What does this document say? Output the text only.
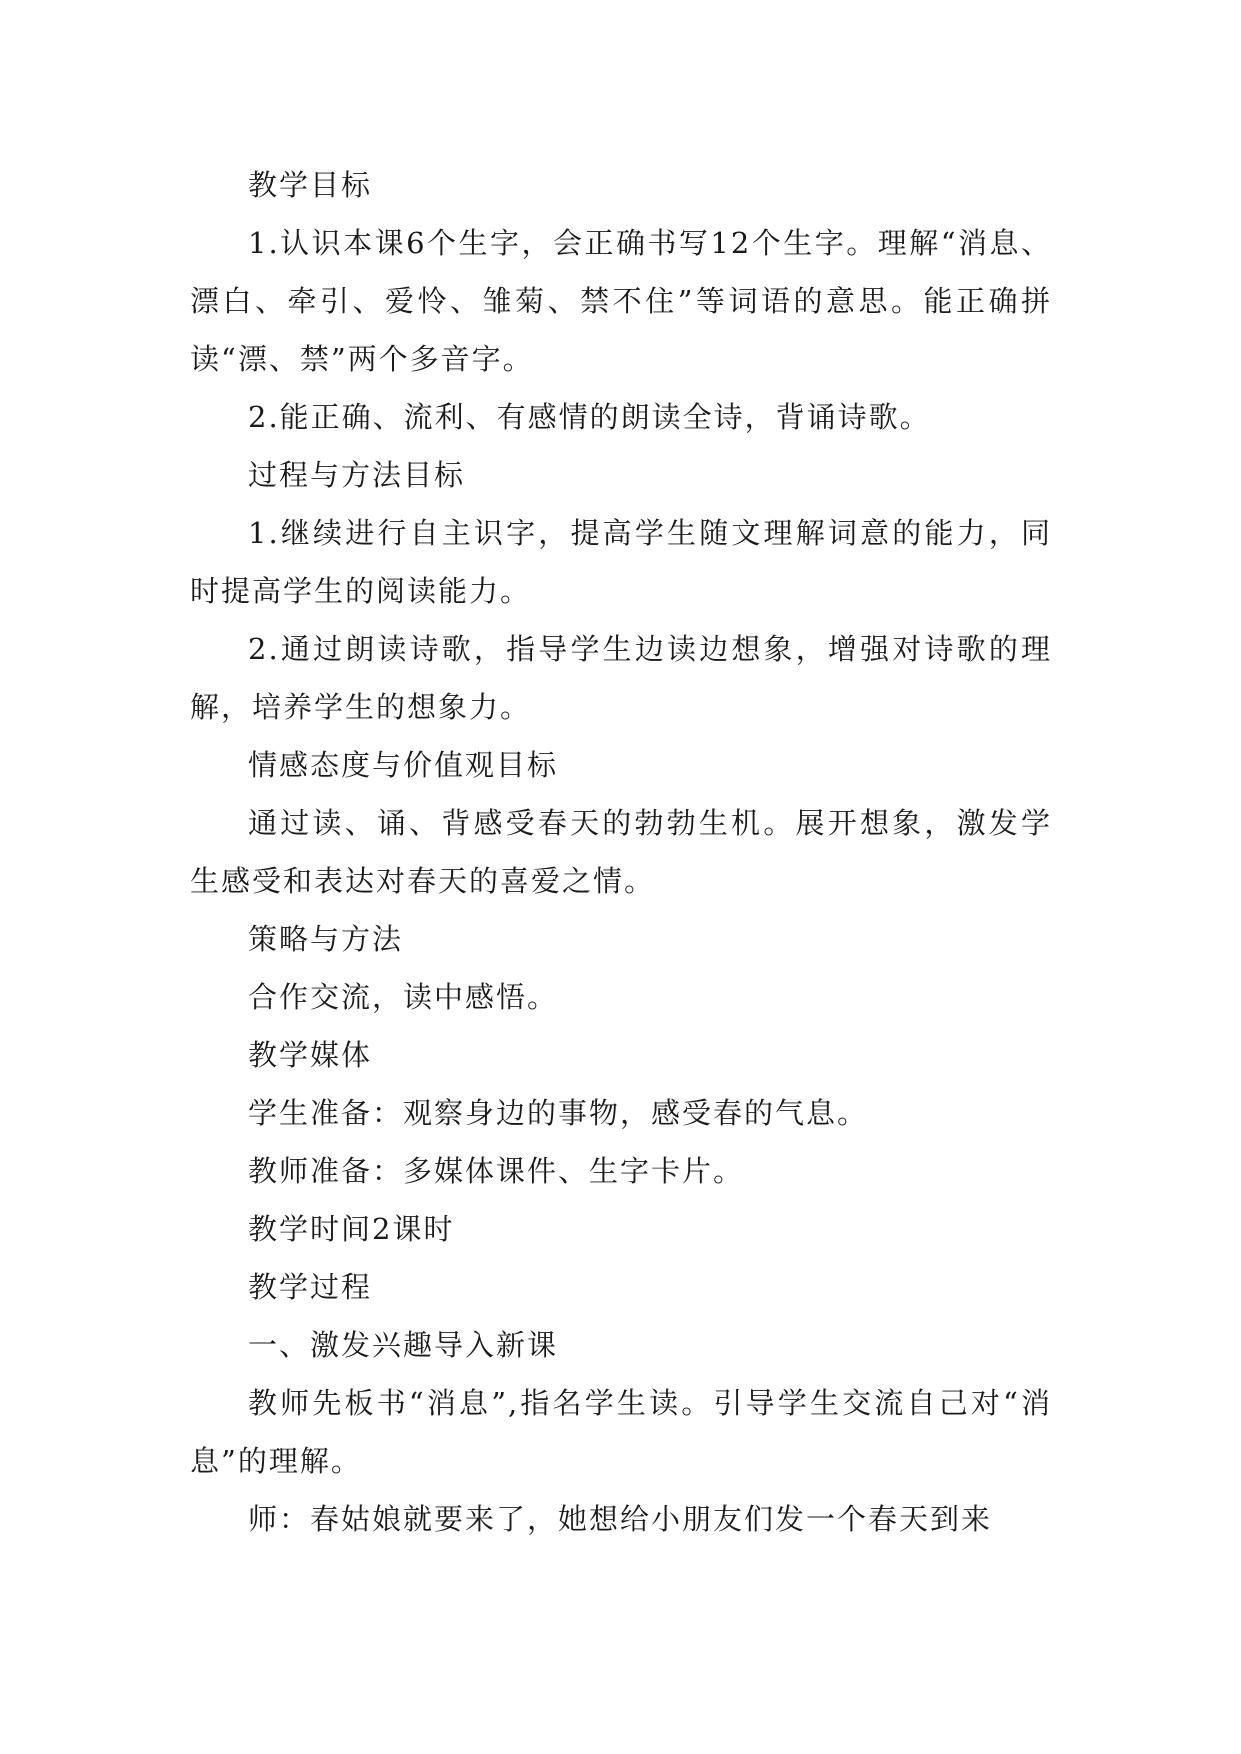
教学目标

1.认识本课6个生字，会正确书写12个生字。理解“消息、漂白、牵引、爱怜、雏菊、禁不住”等词语的意思。能正确拼读“漂、禁”两个多音字。

2.能正确、流利、有感情的朗读全诗，背诵诗歌。

过程与方法目标

1.继续进行自主识字，提高学生随文理解词意的能力，同时提高学生的阅读能力。

2.通过朗读诗歌，指导学生边读边想象，增强对诗歌的理解，培养学生的想象力。

情感态度与价值观目标

通过读、诵、背感受春天的勃勃生机。展开想象，激发学生感受和表达对春天的喜爱之情。

策略与方法

合作交流，读中感悟。

教学媒体

学生准备：观察身边的事物，感受春的气息。

教师准备：多媒体课件、生字卡片。

教学时间2课时

教学过程

一、激发兴趣导入新课

教师先板书“消息”,指名学生读。引导学生交流自己对“消息”的理解。

师：春姑娘就要来了，她想给小朋友们发一个春天到来
